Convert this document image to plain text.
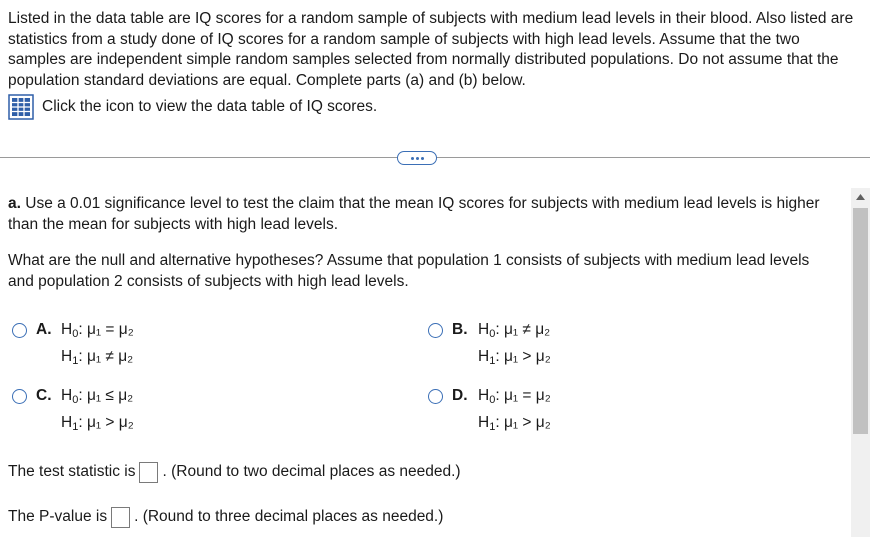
Listed in the data table are IQ scores for a random sample of subjects with medium lead levels in their blood. Also listed are statistics from a study done of IQ scores for a random sample of subjects with high lead levels. Assume that the two samples are independent simple random samples selected from normally distributed populations. Do not assume that the population standard deviations are equal. Complete parts (a) and (b) below.

Click the icon to view the data table of IQ scores.

a. Use a 0.01 significance level to test the claim that the mean IQ scores for subjects with medium lead levels is higher than the mean for subjects with high lead levels.

What are the null and alternative hypotheses? Assume that population 1 consists of subjects with medium lead levels and population 2 consists of subjects with high lead levels.

A. $H_0$: μ₁ = μ₂
$H_1$: μ₁ ≠ μ₂
B. $H_0$: μ₁ ≠ μ₂
$H_1$: μ₁ > μ₂
C. $H_0$: μ₁ ≤ μ₂
$H_1$: μ₁ > μ₂
D. $H_0$: μ₁ = μ₂
$H_1$: μ₁ > μ₂
The test statistic is . (Round to two decimal places as needed.)
The P-value is . (Round to three decimal places as needed.)
